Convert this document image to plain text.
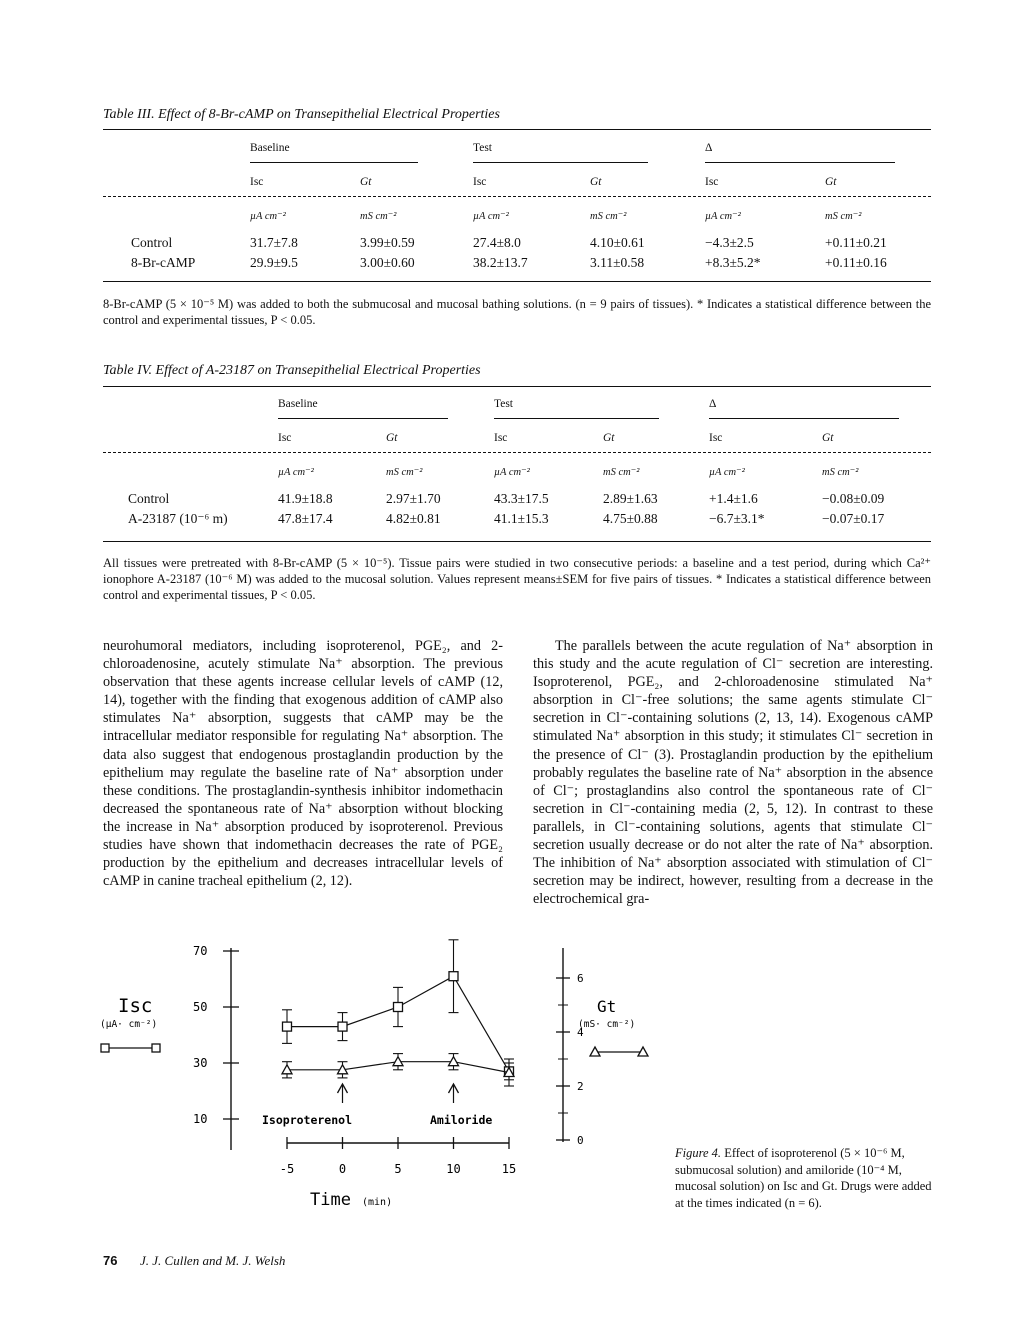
Table III. Effect of 8-Br-cAMP on Transepithelial Electrical Properties
Baseline	Test	Δ
Isc	Gt	Isc	Gt	Isc	Gt
µA cm⁻²	mS cm⁻²	µA cm⁻²	mS cm⁻²	µA cm⁻²	mS cm⁻²
Control	31.7±7.8	3.99±0.59	27.4±8.0	4.10±0.61	−4.3±2.5	+0.11±0.21
8-Br-cAMP	29.9±9.5	3.00±0.60	38.2±13.7	3.11±0.58	+8.3±5.2*	+0.11±0.16
8-Br-cAMP (5 × 10⁻⁵ M) was added to both the submucosal and mucosal bathing solutions. (n = 9 pairs of tissues). * Indicates a statistical difference between the control and experimental tissues, P < 0.05.
Table IV. Effect of A-23187 on Transepithelial Electrical Properties
Baseline	Test	Δ
Isc	Gt	Isc	Gt	Isc	Gt
µA cm⁻²	mS cm⁻²	µA cm⁻²	mS cm⁻²	µA cm⁻²	mS cm⁻²
Control	41.9±18.8	2.97±1.70	43.3±17.5	2.89±1.63	+1.4±1.6	−0.08±0.09
A-23187 (10⁻⁶ m)	47.8±17.4	4.82±0.81	41.1±15.3	4.75±0.88	−6.7±3.1*	−0.07±0.17
All tissues were pretreated with 8-Br-cAMP (5 × 10⁻⁵). Tissue pairs were studied in two consecutive periods: a baseline and a test period, during which Ca²⁺ ionophore A-23187 (10⁻⁶ M) was added to the mucosal solution. Values represent means±SEM for five pairs of tissues. * Indicates a statistical difference between control and experimental tissues, P < 0.05.

neurohumoral mediators, including isoproterenol, PGE₂, and 2-chloroadenosine, acutely stimulate Na⁺ absorption. The previous observation that these agents increase cellular levels of cAMP (12, 14), together with the finding that exogenous addition of cAMP also stimulates Na⁺ absorption, suggests that cAMP may be the intracellular mediator responsible for regulating Na⁺ absorption. The data also suggest that endogenous prostaglandin production by the epithelium may regulate the baseline rate of Na⁺ absorption under these conditions. The prostaglandin-synthesis inhibitor indomethacin decreased the spontaneous rate of Na⁺ absorption without blocking the increase in Na⁺ absorption produced by isoproterenol. Previous studies have shown that indomethacin decreases the rate of PGE₂ production by the epithelium and decreases intracellular levels of cAMP in canine tracheal epithelium (2, 12).

The parallels between the acute regulation of Na⁺ absorption in this study and the acute regulation of Cl⁻ secretion are interesting. Isoproterenol, PGE₂, and 2-chloroadenosine stimulated Na⁺ absorption in Cl⁻-free solutions; the same agents stimulate Cl⁻ secretion in Cl⁻-containing solutions (2, 13, 14). Exogenous cAMP stimulated Na⁺ absorption in this study; it stimulates Cl⁻ secretion in the presence of Cl⁻ (3). Prostaglandin production by the epithelium probably regulates the baseline rate of Na⁺ absorption in the absence of Cl⁻; prostaglandins also control the spontaneous rate of Cl⁻ secretion in Cl⁻-containing media (2, 5, 12). In contrast to these parallels, in Cl⁻-containing solutions, agents that stimulate Cl⁻ secretion usually decrease or do not alter the rate of Na⁺ absorption. The inhibition of Na⁺ absorption associated with stimulation of Cl⁻ secretion may be indirect, however, resulting from a decrease in the electrochemical gra-

10
30
50
70
0
2
4
6
-5	0	5	10	15
Isc
(µA· cm⁻²)
Gt
(mS· cm⁻²)
Time (min)
Isoproterenol	Amiloride
Figure 4. Effect of isoproterenol (5 × 10⁻⁶ M, submucosal solution) and amiloride (10⁻⁴ M, mucosal solution) on Isc and Gt. Drugs were added at the times indicated (n = 6).
76 J. J. Cullen and M. J. Welsh
